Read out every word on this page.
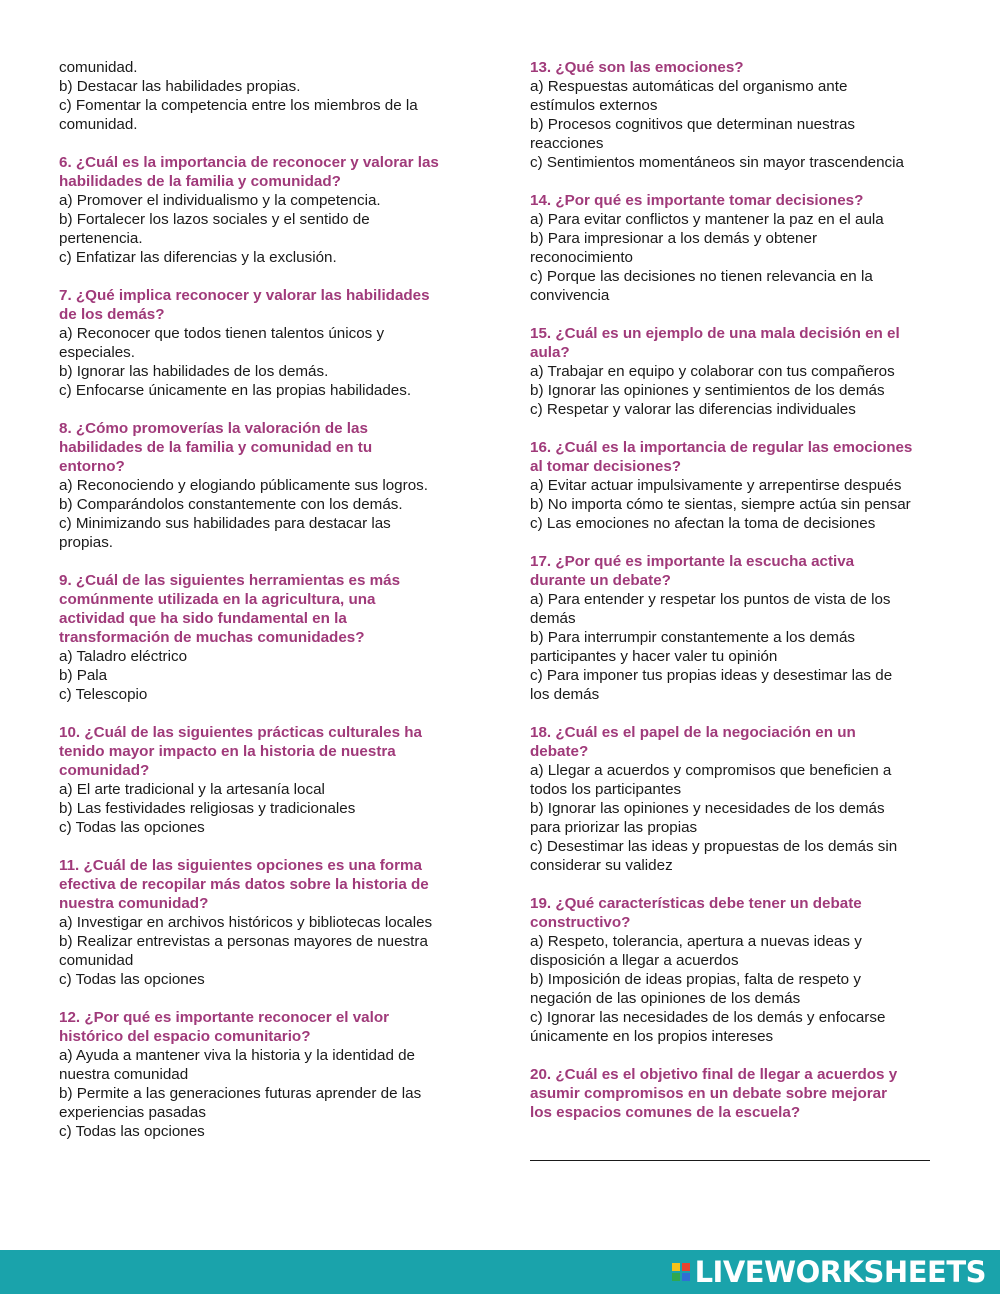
comunidad.
b) Destacar las habilidades propias.
c) Fomentar la competencia entre los miembros de la
comunidad.
6. ¿Cuál es la importancia de reconocer y valorar las
habilidades de la familia y comunidad?
a) Promover el individualismo y la competencia.
b) Fortalecer los lazos sociales y el sentido de
pertenencia.
c) Enfatizar las diferencias y la exclusión.
7. ¿Qué implica reconocer y valorar las habilidades
de los demás?
a) Reconocer que todos tienen talentos únicos y
especiales.
b) Ignorar las habilidades de los demás.
c) Enfocarse únicamente en las propias habilidades.
8. ¿Cómo promoverías la valoración de las
habilidades de la familia y comunidad en tu
entorno?
a) Reconociendo y elogiando públicamente sus logros.
b) Comparándolos constantemente con los demás.
c) Minimizando sus habilidades para destacar las
propias.
9. ¿Cuál de las siguientes herramientas es más
comúnmente utilizada en la agricultura, una
actividad que ha sido fundamental en la
transformación de muchas comunidades?
a) Taladro eléctrico
b) Pala
c) Telescopio
10. ¿Cuál de las siguientes prácticas culturales ha
tenido mayor impacto en la historia de nuestra
comunidad?
a) El arte tradicional y la artesanía local
b) Las festividades religiosas y tradicionales
c) Todas las opciones
11. ¿Cuál de las siguientes opciones es una forma
efectiva de recopilar más datos sobre la historia de
nuestra comunidad?
a) Investigar en archivos históricos y bibliotecas locales
b) Realizar entrevistas a personas mayores de nuestra
comunidad
c) Todas las opciones
12. ¿Por qué es importante reconocer el valor
histórico del espacio comunitario?
a) Ayuda a mantener viva la historia y la identidad de
nuestra comunidad
b) Permite a las generaciones futuras aprender de las
experiencias pasadas
c) Todas las opciones
13. ¿Qué son las emociones?
a) Respuestas automáticas del organismo ante
estímulos externos
b) Procesos cognitivos que determinan nuestras
reacciones
c) Sentimientos momentáneos sin mayor trascendencia
14. ¿Por qué es importante tomar decisiones?
a) Para evitar conflictos y mantener la paz en el aula
b) Para impresionar a los demás y obtener
reconocimiento
c) Porque las decisiones no tienen relevancia en la
convivencia
15. ¿Cuál es un ejemplo de una mala decisión en el
aula?
a) Trabajar en equipo y colaborar con tus compañeros
b) Ignorar las opiniones y sentimientos de los demás
c) Respetar y valorar las diferencias individuales
16. ¿Cuál es la importancia de regular las emociones
al tomar decisiones?
a) Evitar actuar impulsivamente y arrepentirse después
b) No importa cómo te sientas, siempre actúa sin pensar
c) Las emociones no afectan la toma de decisiones
17. ¿Por qué es importante la escucha activa
durante un debate?
a) Para entender y respetar los puntos de vista de los
demás
b) Para interrumpir constantemente a los demás
participantes y hacer valer tu opinión
c) Para imponer tus propias ideas y desestimar las de
los demás
18. ¿Cuál es el papel de la negociación en un
debate?
a) Llegar a acuerdos y compromisos que beneficien a
todos los participantes
b) Ignorar las opiniones y necesidades de los demás
para priorizar las propias
c) Desestimar las ideas y propuestas de los demás sin
considerar su validez
19. ¿Qué características debe tener un debate
constructivo?
a) Respeto, tolerancia, apertura a nuevas ideas y
disposición a llegar a acuerdos
b) Imposición de ideas propias, falta de respeto y
negación de las opiniones de los demás
c) Ignorar las necesidades de los demás y enfocarse
únicamente en los propios intereses
20. ¿Cuál es el objetivo final de llegar a acuerdos y
asumir compromisos en un debate sobre mejorar
los espacios comunes de la escuela?
LIVEWORKSHEETS
